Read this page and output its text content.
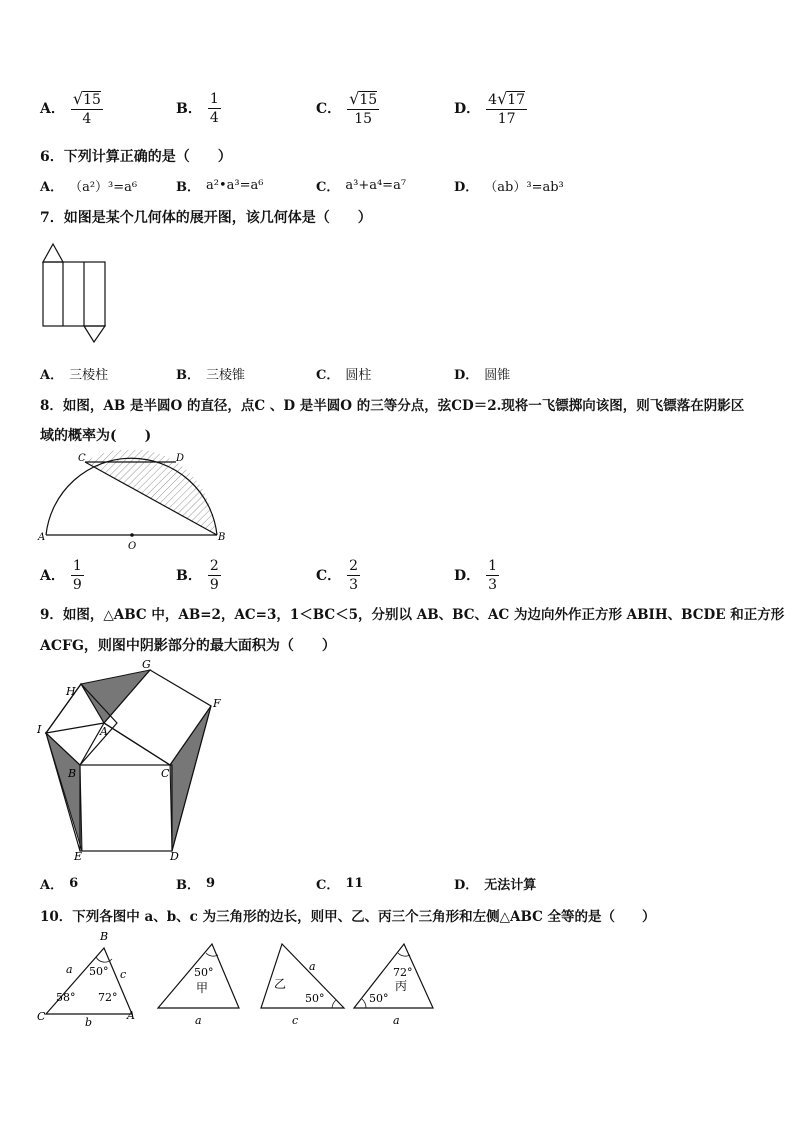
A． $\frac{√ 15}{4}$	B． $\frac{1}{4}$	C． $\frac{√ 15}{15}$	D． $\frac{4 √ 17}{17}$
6．下列计算正确的是（　　）
A． （a²）³=a⁶	B． a²•a³=a⁶	C． a³+a⁴=a⁷	D． （ab）³=ab³
7．如图是某个几何体的展开图，该几何体是（　　）
A． 三棱柱	B． 三棱锥	C． 圆柱	D． 圆锥
8．如图，AB 是半圆O 的直径，点C 、D 是半圆O 的三等分点，弦CD＝2.现将一飞镖掷向该图，则飞镖落在阴影区
域的概率为(　　)
A	B
C	D
O
A． $\frac{1}{9}$	B． $\frac{2}{9}$	C． $\frac{2}{3}$	D． $\frac{1}{3}$
9．如图，△ABC 中，AB=2，AC=3，1＜BC＜5，分别以 AB、BC、AC 为边向外作正方形 ABIH、BCDE 和正方形
ACFG，则图中阴影部分的最大面积为（　　）
G
H
F
I	A
B	C
E	D
A． 6	B． 9	C． 11	D． 无法计算
10．下列各图中 a、b、c 为三角形的边长，则甲、乙、丙三个三角形和左侧△ABC 全等的是（　　）
B
C	A
a	c
b
50°
58° 72°
50°
甲
a
乙
a
50°
c
72°
丙
50°
a
